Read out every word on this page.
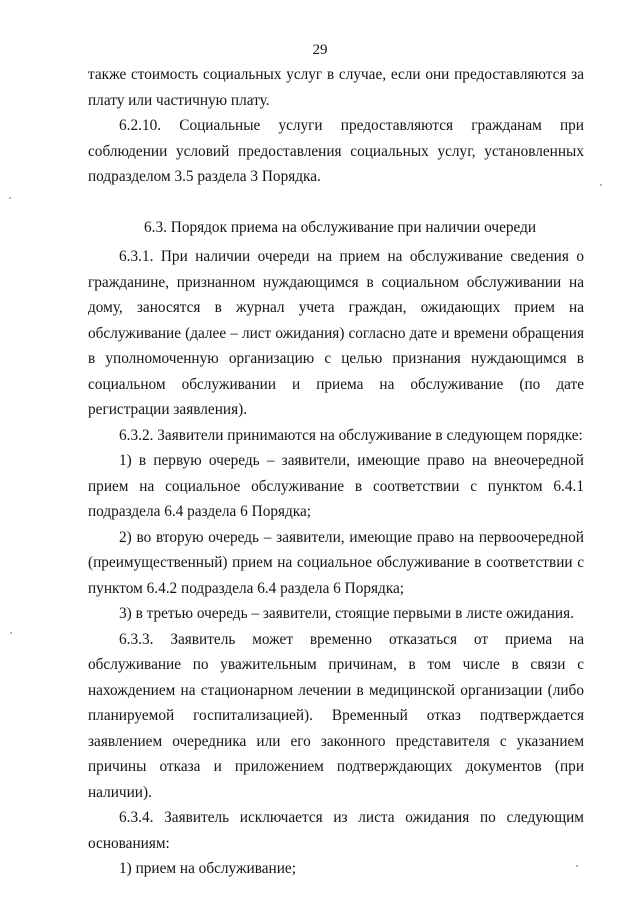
29

также стоимость социальных услуг в случае, если они предоставляются за плату или частичную плату.

6.2.10. Социальные услуги предоставляются гражданам при соблюдении условий предоставления социальных услуг, установленных подразделом 3.5 раздела 3 Порядка.

6.3. Порядок приема на обслуживание при наличии очереди

6.3.1. При наличии очереди на прием на обслуживание сведения о гражданине, признанном нуждающимся в социальном обслуживании на дому, заносятся в журнал учета граждан, ожидающих прием на обслуживание (далее – лист ожидания) согласно дате и времени обращения в уполномоченную организацию с целью признания нуждающимся в социальном обслуживании и приема на обслуживание (по дате регистрации заявления).

6.3.2. Заявители принимаются на обслуживание в следующем порядке:

1) в первую очередь – заявители, имеющие право на внеочередной прием на социальное обслуживание в соответствии с пунктом 6.4.1 подраздела 6.4 раздела 6 Порядка;

2) во вторую очередь – заявители, имеющие право на первоочередной (преимущественный) прием на социальное обслуживание в соответствии с пунктом 6.4.2 подраздела 6.4 раздела 6 Порядка;

3) в третью очередь – заявители, стоящие первыми в листе ожидания.

6.3.3. Заявитель может временно отказаться от приема на обслуживание по уважительным причинам, в том числе в связи с нахождением на стационарном лечении в медицинской организации (либо планируемой госпитализацией). Временный отказ подтверждается заявлением очередника или его законного представителя с указанием причины отказа и приложением подтверждающих документов (при наличии).

6.3.4. Заявитель исключается из листа ожидания по следующим основаниям:

1) прием на обслуживание;
